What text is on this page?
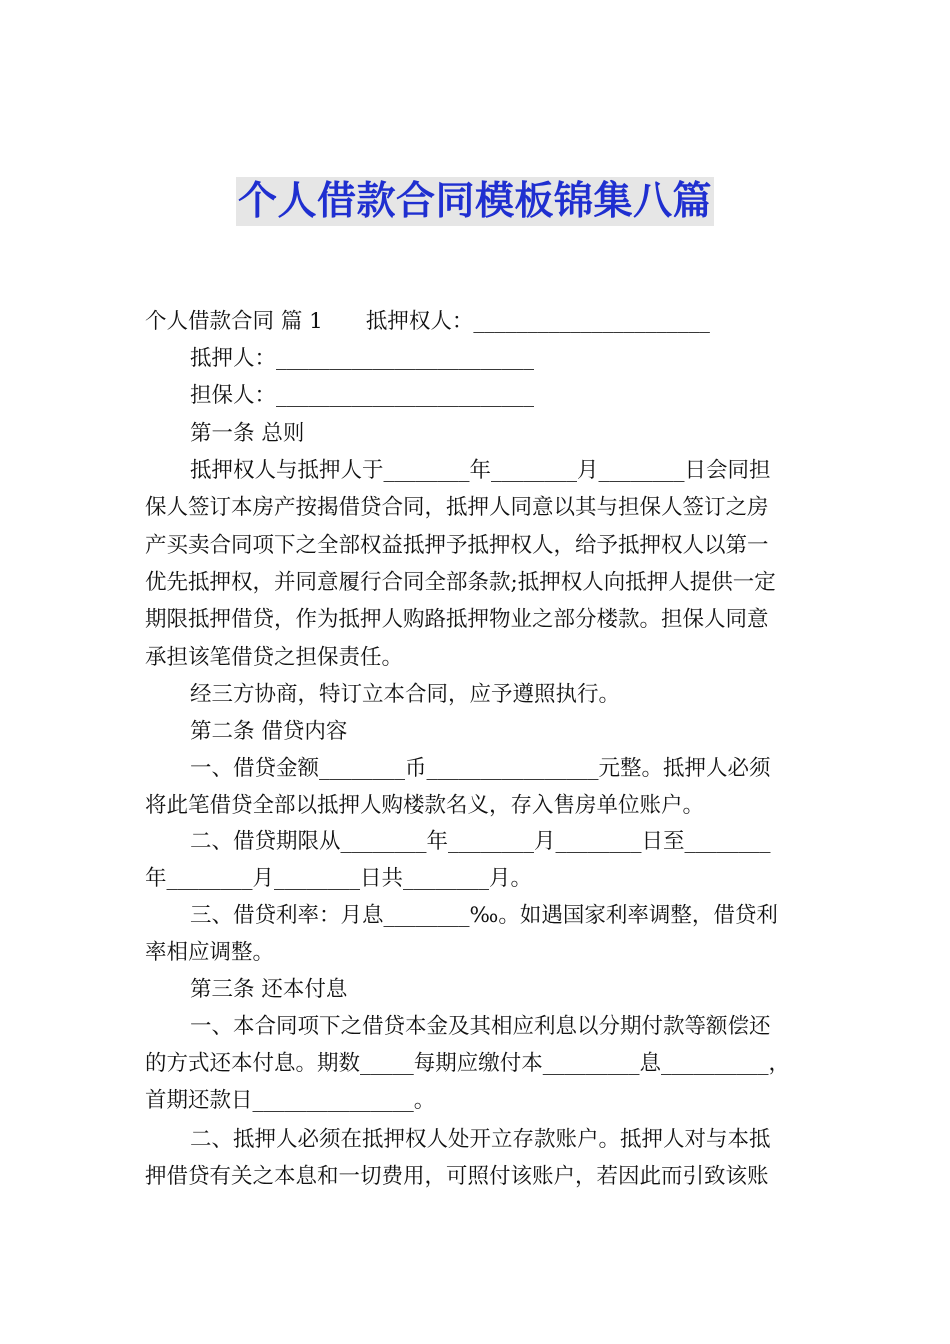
个人借款合同模板锦集八篇
个人借款合同 篇 1　　抵押权人：______________________
抵押人：________________________
担保人：________________________
第一条 总则
抵押权人与抵押人于________年________月________日会同担
保人签订本房产按揭借贷合同，抵押人同意以其与担保人签订之房
产买卖合同项下之全部权益抵押予抵押权人，给予抵押权人以第一
优先抵押权，并同意履行合同全部条款;抵押权人向抵押人提供一定
期限抵押借贷，作为抵押人购路抵押物业之部分楼款。担保人同意
承担该笔借贷之担保责任。
经三方协商，特订立本合同，应予遵照执行。
第二条 借贷内容
一、借贷金额________币________________元整。抵押人必须
将此笔借贷全部以抵押人购楼款名义，存入售房单位账户。
二、借贷期限从________年________月________日至________
年________月________日共________月。
三、借贷利率：月息________‰。如遇国家利率调整，借贷利
率相应调整。
第三条 还本付息
一、本合同项下之借贷本金及其相应利息以分期付款等额偿还
的方式还本付息。期数_____每期应缴付本_________息__________，
首期还款日_______________。
二、抵押人必须在抵押权人处开立存款账户。抵押人对与本抵
押借贷有关之本息和一切费用，可照付该账户，若因此而引致该账
